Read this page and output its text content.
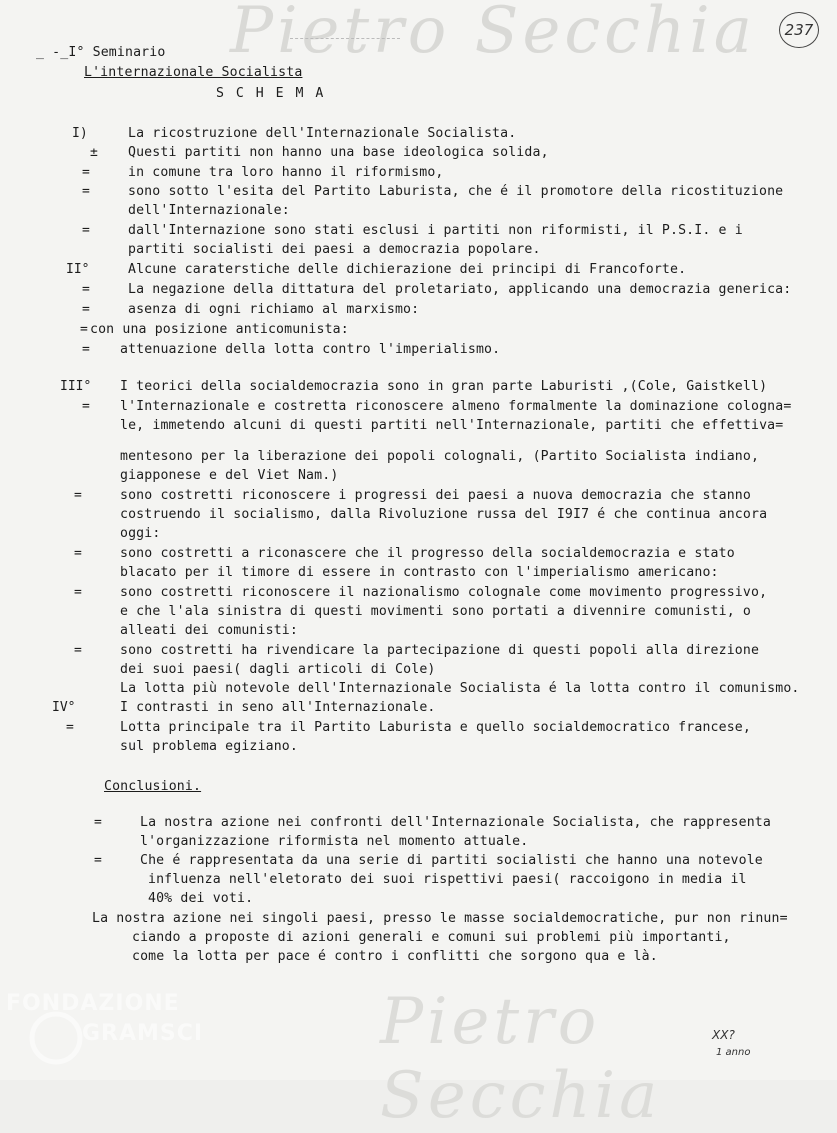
Pietro Secchia
Pietro Secchia
237
_ -_I° Seminario
L'internazionale Socialista
S C H E M A
I)	La ricostruzione dell'Internazionale Socialista.
± Questi partiti non hanno una base ideologica solida,
=	in comune tra loro hanno il riformismo,
=	sono sotto l'esita del Partito Laburista, che é il promotore della ricostituzione
dell'Internazionale:
=	dall'Internazione sono stati esclusi i partiti non riformisti, il P.S.I. e i
partiti socialisti dei paesi a democrazia popolare.
II°	Alcune caraterstiche delle dichierazione dei principi di Francoforte.
=	La negazione della dittatura del proletariato, applicando una democrazia generica:
=	asenza di ogni richiamo al marxismo:
= con una posizione anticomunista:
= attenuazione della lotta contro l'imperialismo.
III° I teorici della socialdemocrazia sono in gran parte Laburisti ,(Cole, Gaistkell)
= l'Internazionale e costretta riconoscere almeno formalmente la dominazione cologna=
le, immetendo alcuni di questi partiti nell'Internazionale, partiti che effettiva=
mentesono per la liberazione dei popoli colognali, (Partito Socialista indiano,
giapponese e del Viet Nam.)
=	sono costretti riconoscere i progressi dei paesi a nuova democrazia che stanno
costruendo il socialismo, dalla Rivoluzione russa del I9I7 é che continua ancora
oggi:
=	sono costretti a riconascere che il progresso della socialdemocrazia e stato
blacato per il timore di essere in contrasto con l'imperialismo americano:
=	sono costretti riconoscere il nazionalismo colognale come movimento progressivo,
e che l'ala sinistra di questi movimenti sono portati a divennire comunisti, o
alleati dei comunisti:
=	sono costretti ha rivendicare la partecipazione di questi popoli alla direzione
dei suoi paesi( dagli articoli di Cole)
La lotta più notevole dell'Internazionale Socialista é la lotta contro il comunismo.
IV°	I contrasti in seno all'Internazionale.
=	Lotta principale tra il Partito Laburista e quello socialdemocratico francese,
sul problema egiziano.
Conclusioni.
=	La nostra azione nei confronti dell'Internazionale Socialista, che rappresenta
l'organizzazione riformista nel momento attuale.
=	Che é rappresentata da una serie di partiti socialisti che hanno una notevole
influenza nell'eletorato dei suoi rispettivi paesi( raccoigono in media il
40% dei voti.
La nostra azione nei singoli paesi, presso le masse socialdemocratiche, pur non rinun=
ciando a proposte di azioni generali e comuni sui problemi più importanti,
come la lotta per pace é contro i conflitti che sorgono qua e là.
FONDAZIONE
GRAMSCI	XX?
1 anno
